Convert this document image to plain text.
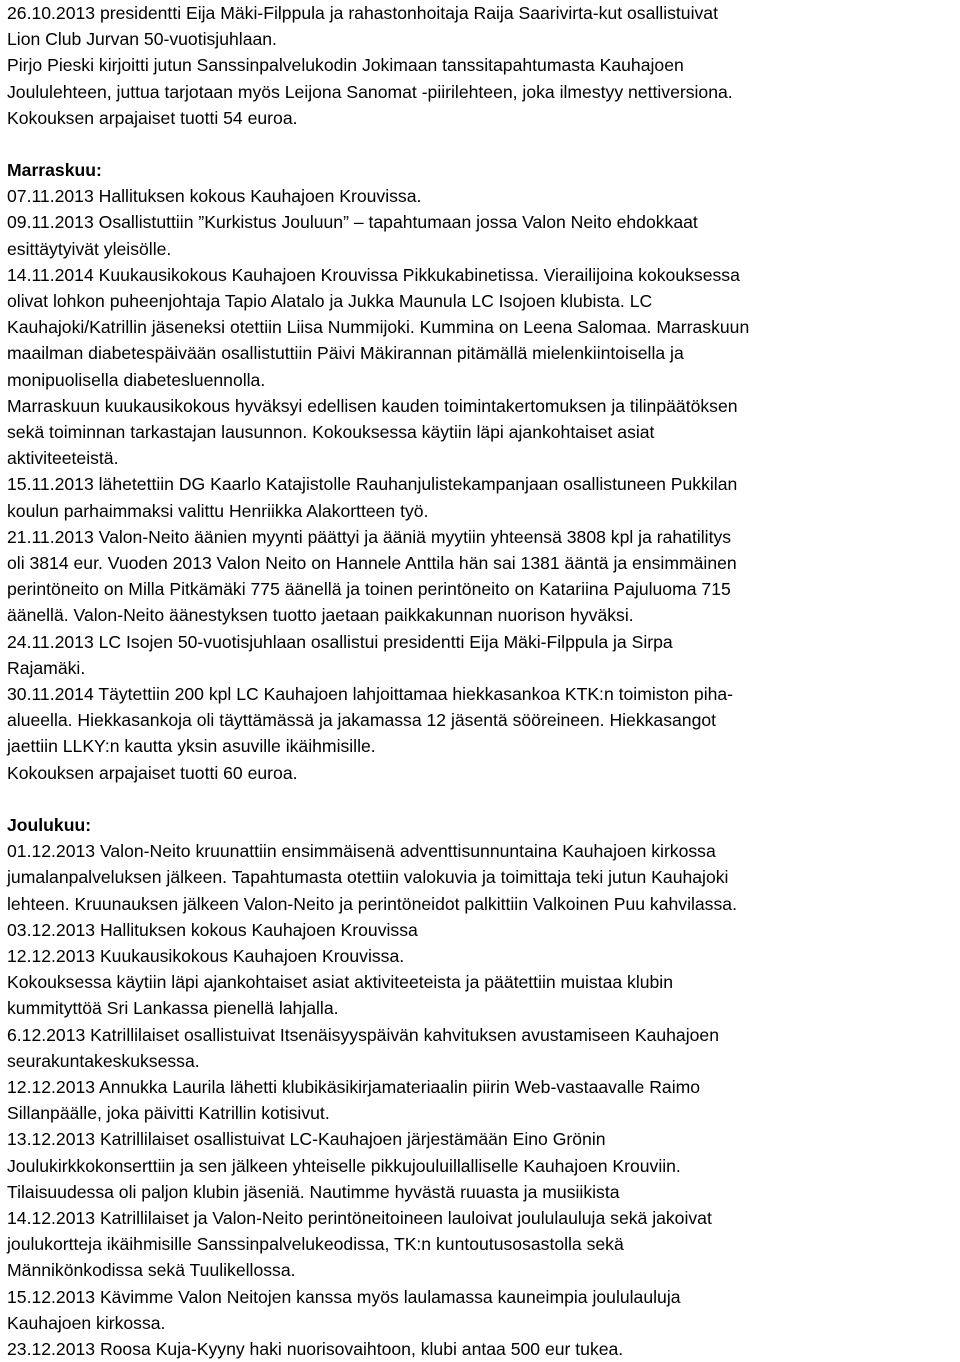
26.10.2013 presidentti Eija Mäki-Filppula ja rahastonhoitaja Raija Saarivirta-kut osallistuivat

Lion Club Jurvan 50-vuotisjuhlaan.

Pirjo Pieski kirjoitti jutun Sanssinpalvelukodin Jokimaan tanssitapahtumasta Kauhajoen

Joululehteen, juttua tarjotaan myös Leijona Sanomat -piirilehteen, joka ilmestyy nettiversiona.

Kokouksen arpajaiset tuotti 54 euroa.

Marraskuu:

07.11.2013 Hallituksen kokous Kauhajoen Krouvissa.

09.11.2013 Osallistuttiin ”Kurkistus Jouluun” – tapahtumaan jossa Valon Neito ehdokkaat

esittäytyivät yleisölle.

14.11.2014 Kuukausikokous Kauhajoen Krouvissa Pikkukabinetissa. Vierailijoina kokouksessa

olivat lohkon puheenjohtaja Tapio Alatalo ja Jukka Maunula LC Isojoen klubista. LC

Kauhajoki/Katrillin jäseneksi otettiin Liisa Nummijoki. Kummina on Leena Salomaa. Marraskuun

maailman diabetespäivään osallistuttiin Päivi Mäkirannan pitämällä mielenkiintoisella ja

monipuolisella diabetesluennolla.

Marraskuun kuukausikokous hyväksyi edellisen kauden toimintakertomuksen ja tilinpäätöksen

sekä toiminnan tarkastajan lausunnon. Kokouksessa käytiin läpi ajankohtaiset asiat

aktiviteeteistä.

15.11.2013 lähetettiin DG Kaarlo Katajistolle Rauhanjulistekampanjaan osallistuneen Pukkilan

koulun parhaimmaksi valittu Henriikka Alakortteen työ.

21.11.2013 Valon-Neito äänien myynti päättyi ja ääniä myytiin yhteensä 3808 kpl ja rahatilitys

oli 3814 eur. Vuoden 2013 Valon Neito on Hannele Anttila hän sai 1381 ääntä ja ensimmäinen

perintöneito on Milla Pitkämäki 775 äänellä ja toinen perintöneito on Katariina Pajuluoma 715

äänellä. Valon-Neito äänestyksen tuotto jaetaan paikkakunnan nuorison hyväksi.

24.11.2013 LC Isojen 50-vuotisjuhlaan osallistui presidentti Eija Mäki-Filppula ja Sirpa

Rajamäki.

30.11.2014 Täytettiin 200 kpl LC Kauhajoen lahjoittamaa hiekkasankoa KTK:n toimiston piha-

alueella. Hiekkasankoja oli täyttämässä ja jakamassa 12 jäsentä sööreineen. Hiekkasangot

jaettiin LLKY:n kautta yksin asuville ikäihmisille.

Kokouksen arpajaiset tuotti 60 euroa.

Joulukuu:

01.12.2013 Valon-Neito kruunattiin ensimmäisenä adventtisunnuntaina Kauhajoen kirkossa

jumalanpalveluksen jälkeen. Tapahtumasta otettiin valokuvia ja toimittaja teki jutun Kauhajoki

lehteen. Kruunauksen jälkeen Valon-Neito ja perintöneidot palkittiin Valkoinen Puu kahvilassa.

03.12.2013 Hallituksen kokous Kauhajoen Krouvissa

12.12.2013 Kuukausikokous Kauhajoen Krouvissa.

Kokouksessa käytiin läpi ajankohtaiset asiat aktiviteeteista ja päätettiin muistaa klubin

kummityttöä Sri Lankassa pienellä lahjalla.

6.12.2013 Katrillilaiset osallistuivat Itsenäisyyspäivän kahvituksen avustamiseen Kauhajoen

seurakuntakeskuksessa.

12.12.2013 Annukka Laurila lähetti klubikäsikirjamateriaalin piirin Web-vastaavalle Raimo

Sillanpäälle, joka päivitti Katrillin kotisivut.

13.12.2013 Katrillilaiset osallistuivat LC-Kauhajoen järjestämään Eino Grönin

Joulukirkkokonserttiin ja sen jälkeen yhteiselle pikkujouluillalliselle Kauhajoen Krouviin.

Tilaisuudessa oli paljon klubin jäseniä. Nautimme hyvästä ruuasta ja musiikista

14.12.2013 Katrillilaiset ja Valon-Neito perintöneitoineen lauloivat joululauluja sekä jakoivat

joulukortteja ikäihmisille Sanssinpalvelukeodissa, TK:n kuntoutusosastolla sekä

Männikönkodissa sekä Tuulikellossa.

15.12.2013 Kävimme Valon Neitojen kanssa myös laulamassa kauneimpia joululauluja

Kauhajoen kirkossa.

23.12.2013 Roosa Kuja-Kyyny haki nuorisovaihtoon, klubi antaa 500 eur tukea.
